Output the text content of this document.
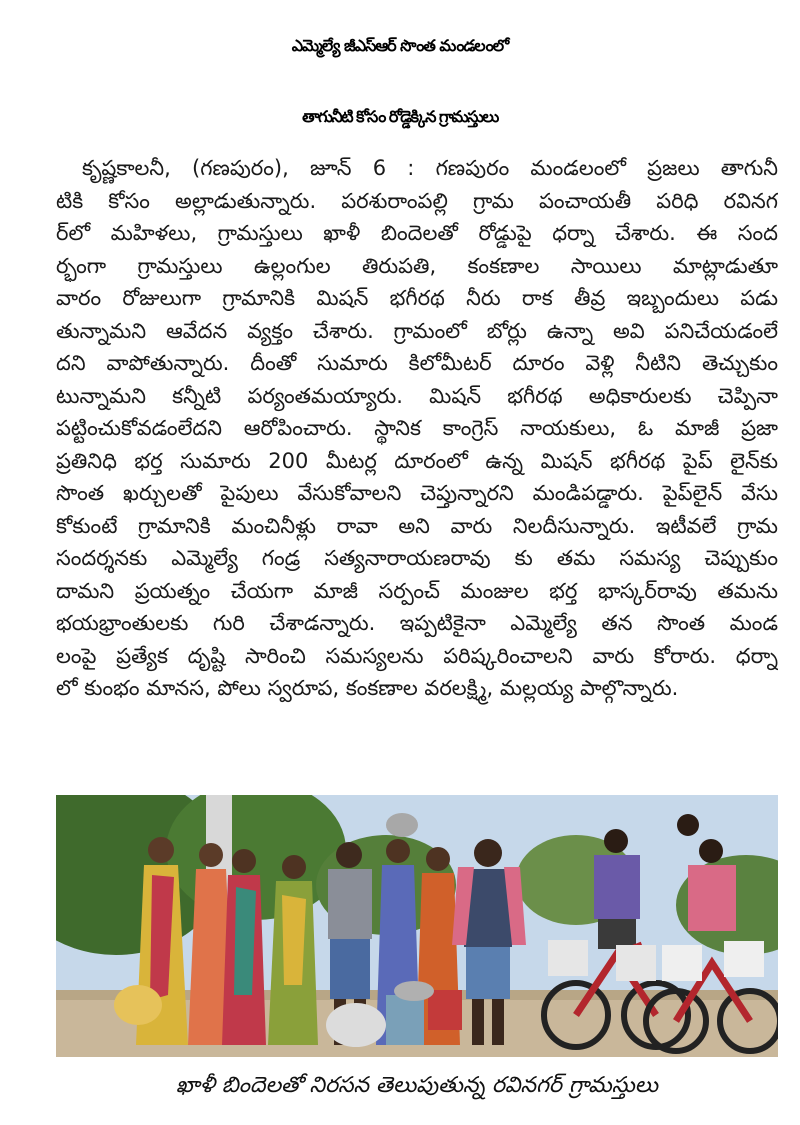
ఎమ్మెల్యే జీఎస్ఆర్ సొంత మండలంలో
తాగునీటి కోసం రోడ్డెక్కిన గ్రామస్తులు
కృష్ణకాలనీ, (గణపురం), జూన్ 6 : గణపురం మండలంలో ప్రజలు తాగునీ
టికి కోసం అల్లాడుతున్నారు. పరశురాంపల్లి గ్రామ పంచాయతీ పరిధి రవినగ
ర్‌లో మహిళలు, గ్రామస్తులు ఖాళీ బిందెలతో రోడ్డుపై ధర్నా చేశారు. ఈ సంద
ర్భంగా గ్రామస్తులు ఉల్లంగుల తిరుపతి, కంకణాల సాయిలు మాట్లాడుతూ
వారం రోజులుగా గ్రామానికి మిషన్ భగీరథ నీరు రాక తీవ్ర ఇబ్బందులు పడు
తున్నామని ఆవేదన వ్యక్తం చేశారు. గ్రామంలో బోర్లు ఉన్నా అవి పనిచేయడంలే
దని వాపోతున్నారు. దీంతో సుమారు కిలోమీటర్ దూరం వెళ్లి నీటిని తెచ్చుకుం
టున్నామని కన్నీటి పర్యంతమయ్యారు. మిషన్ భగీరథ అధికారులకు చెప్పినా
పట్టించుకోవడంలేదని ఆరోపించారు. స్థానిక కాంగ్రెస్ నాయకులు, ఓ మాజీ ప్రజా
ప్రతినిధి భర్త సుమారు 200 మీటర్ల దూరంలో ఉన్న మిషన్ భగీరథ పైప్ లైన్‌కు
సొంత ఖర్చులతో పైపులు వేసుకోవాలని చెప్తున్నారని మండిపడ్డారు. పైప్‌లైన్ వేసు
కోకుంటే గ్రామానికి మంచినీళ్లు రావా అని వారు నిలదీసున్నారు. ఇటీవలే గ్రామ
సందర్శనకు ఎమ్మెల్యే గండ్ర సత్యనారాయణరావు కు తమ సమస్య చెప్పుకుం
దామని ప్రయత్నం చేయగా మాజీ సర్పంచ్ మంజుల భర్త భాస్కర్‌రావు తమను
భయభ్రాంతులకు గురి చేశాడన్నారు. ఇప్పటికైనా ఎమ్మెల్యే తన సొంత మండ
లంపై ప్రత్యేక దృష్టి సారించి సమస్యలను పరిష్కరించాలని వారు కోరారు. ధర్నా
లో కుంభం మానస, పోలు స్వరూప, కంకణాల వరలక్ష్మి, మల్లయ్య పాల్గొన్నారు.
ఖాళీ బిందెలతో నిరసన తెలుపుతున్న రవినగర్ గ్రామస్తులు
